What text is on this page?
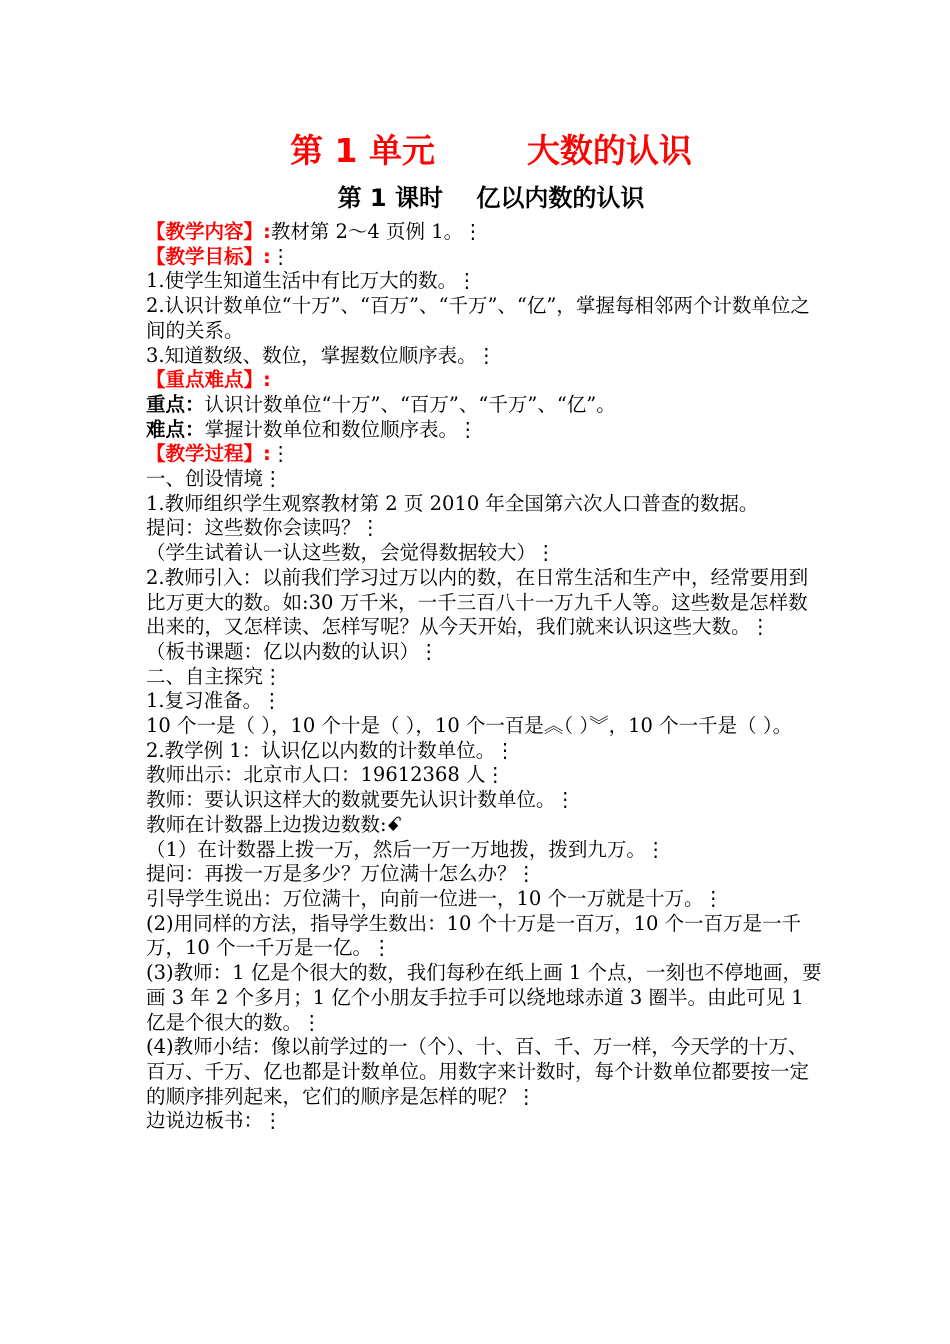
第 1 单元        大数的认识
第 1 课时    亿以内数的认识
【教学内容】:教材第 2～4 页例 1。⋮
【教学目标】:⋮
1.使学生知道生活中有比万大的数。⋮
2.认识计数单位“十万”、“百万”、“千万”、“亿”，掌握每相邻两个计数单位之间的关系。
3.知道数级、数位，掌握数位顺序表。⋮
【重点难点】:
重点：认识计数单位“十万”、“百万”、“千万”、“亿”。
难点：掌握计数单位和数位顺序表。⋮
【教学过程】:⋮
一、创设情境⋮
1.教师组织学生观察教材第 2 页 2010 年全国第六次人口普查的数据。
提问：这些数你会读吗？⋮
（学生试着认一认这些数，会觉得数据较大）⋮
2.教师引入：以前我们学习过万以内的数，在日常生活和生产中，经常要用到比万更大的数。如:30 万千米，一千三百八十一万九千人等。这些数是怎样数出来的，又怎样读、怎样写呢？从今天开始，我们就来认识这些大数。⋮
（板书课题：亿以内数的认识）⋮
二、自主探究⋮
1.复习准备。⋮
10 个一是（ ），10 个十是（ ），10 个一百是︽（ ）︾，10 个一千是（ ）。
2.教学例 1：认识亿以内数的计数单位。⋮
教师出示：北京市人口：19612368 人⋮
教师：要认识这样大的数就要先认识计数单位。⋮
教师在计数器上边拨边数数:ꗃ
（1）在计数器上拨一万，然后一万一万地拨，拨到九万。⋮
提问：再拨一万是多少？万位满十怎么办？⋮
引导学生说出：万位满十，向前一位进一，10 个一万就是十万。⋮
(2)用同样的方法，指导学生数出：10 个十万是一百万，10 个一百万是一千万，10 个一千万是一亿。⋮
(3)教师：1 亿是个很大的数，我们每秒在纸上画 1 个点，一刻也不停地画，要画 3 年 2 个多月；1 亿个小朋友手拉手可以绕地球赤道 3 圈半。由此可见 1 亿是个很大的数。⋮
(4)教师小结：像以前学过的一（个）、十、百、千、万一样，今天学的十万、百万、千万、亿也都是计数单位。用数字来计数时，每个计数单位都要按一定的顺序排列起来，它们的顺序是怎样的呢？⋮
边说边板书：⋮
